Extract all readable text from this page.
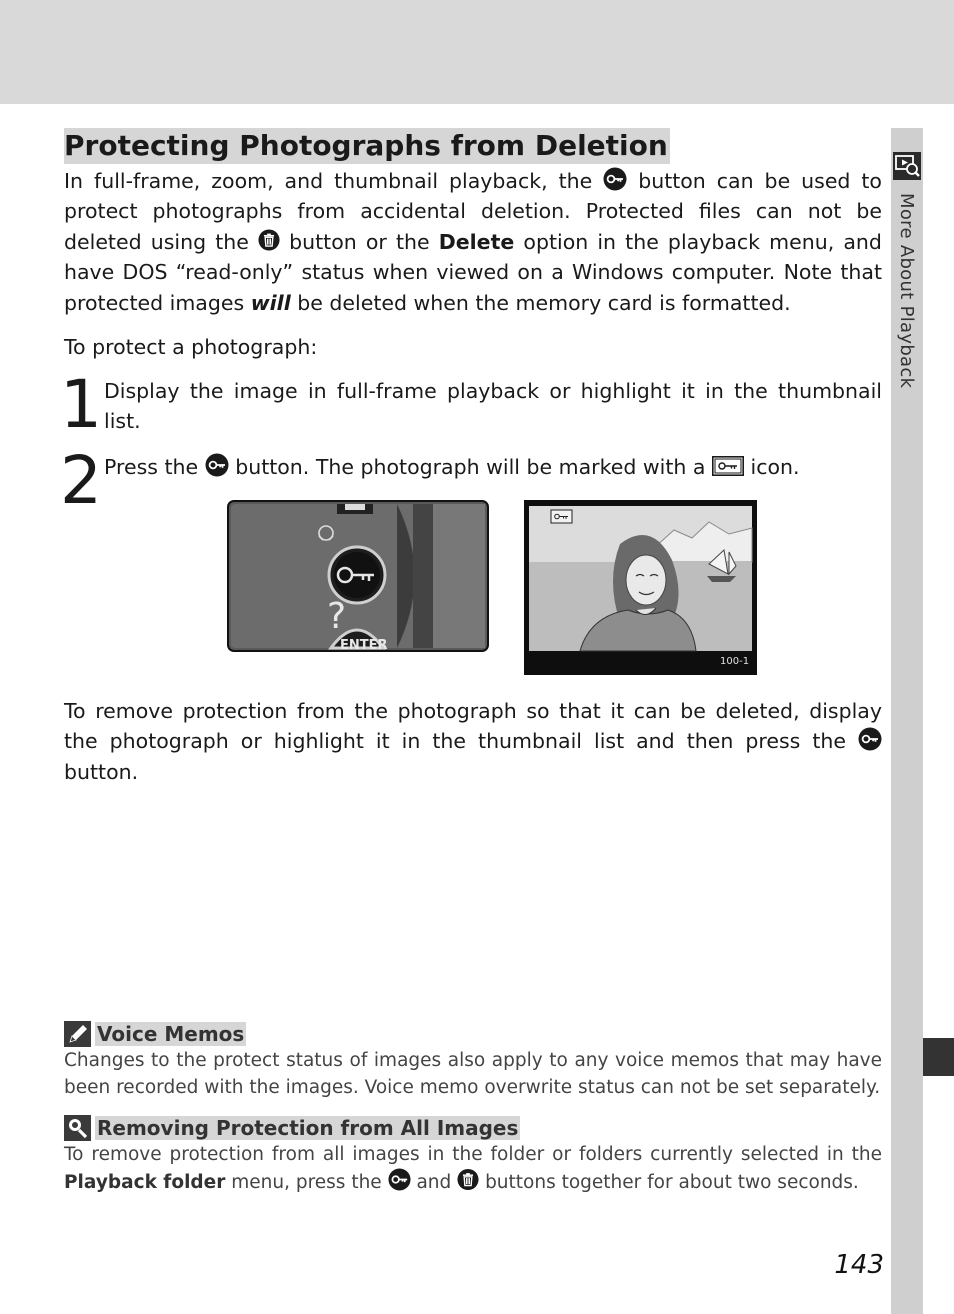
More About Playback
Protecting Photographs from Deletion

In full-frame, zoom, and thumbnail playback, the button can be used to protect photographs from accidental deletion. Protected files can not be deleted using the button or the Delete option in the playback menu, and have DOS “read-only” status when viewed on a Windows computer. Note that protected images will be deleted when the memory card is formatted.

To protect a photograph:

1 Display the image in full-frame playback or highlight it in the thumbnail list.

2 Press the button. The photograph will be marked with a icon.

?
ENTER
100-1

To remove protection from the photograph so that it can be deleted, display the photograph or highlight it in the thumbnail list and then press the  button.

Voice Memos

Changes to the protect status of images also apply to any voice memos that may have been recorded with the images. Voice memo overwrite status can not be set separately.

Removing Protection from All Images

To remove protection from all images in the folder or folders currently selected in the Playback folder menu, press the and buttons together for about two seconds.

143
